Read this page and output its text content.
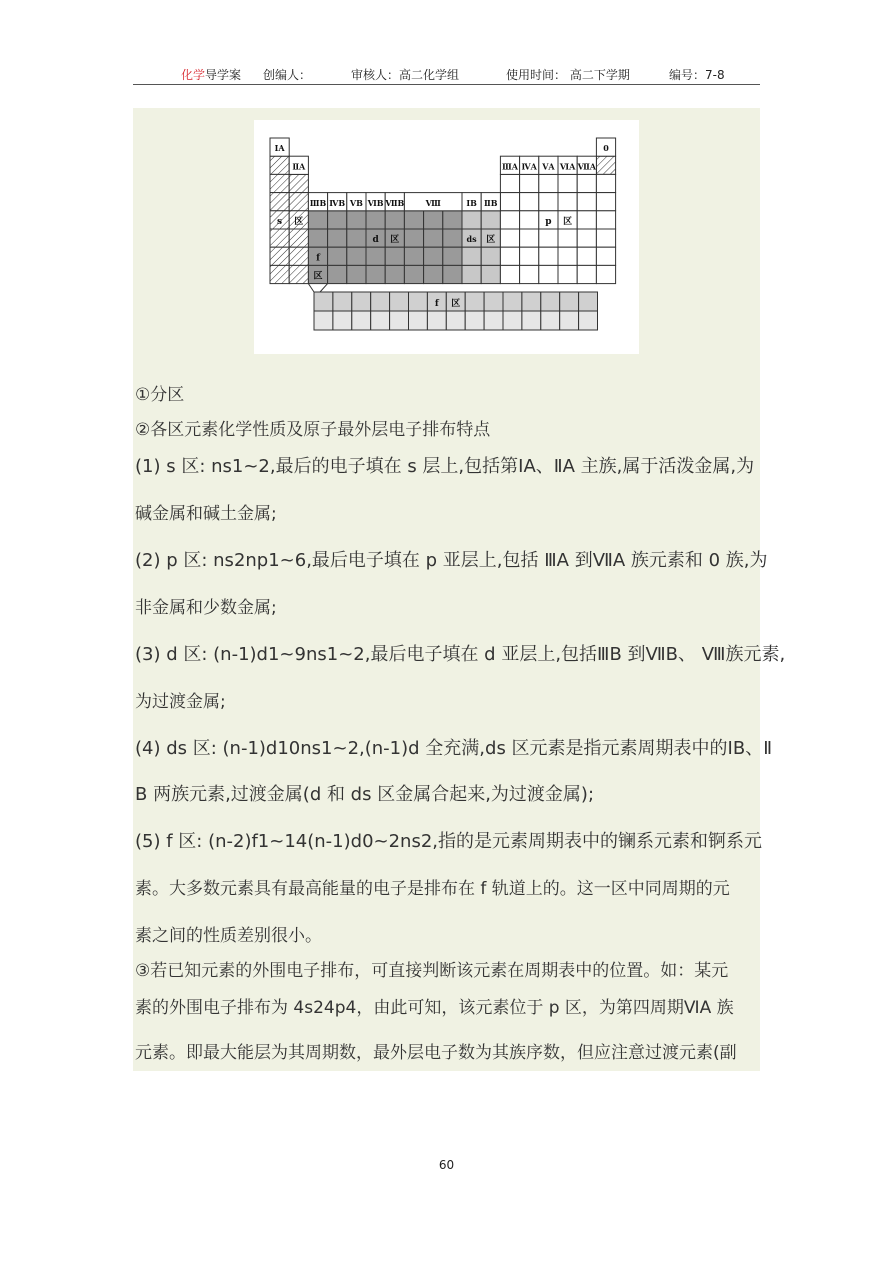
化学导学案 创编人：	审核人：高二化学组	使用时间： 高二下学期	编号：7-8
ⅠA
ⅡA
ⅢB ⅣB ⅤB ⅥB ⅦB	ⅠB ⅡB
ⅢA ⅣA ⅤA ⅥA ⅦA
0
Ⅷ
s 区
d 区	ds 区
p 区
f
区
f 区
①分区
②各区元素化学性质及原子最外层电子排布特点
(1) s 区: ns1~2,最后的电子填在 s 层上,包括第ⅠA、ⅡA 主族,属于活泼金属,为
碱金属和碱土金属;
(2) p 区: ns2np1~6,最后电子填在 p 亚层上,包括 ⅢA 到ⅦA 族元素和 0 族,为
非金属和少数金属;
(3) d 区: (n-1)d1~9ns1~2,最后电子填在 d 亚层上,包括ⅢB 到ⅦB、 Ⅷ族元素,
为过渡金属;
(4) ds 区: (n-1)d10ns1~2,(n-1)d 全充满,ds 区元素是指元素周期表中的ⅠB、Ⅱ
B 两族元素,过渡金属(d 和 ds 区金属合起来,为过渡金属);
(5) f 区: (n-2)f1~14(n-1)d0~2ns2,指的是元素周期表中的镧系元素和锕系元
素。大多数元素具有最高能量的电子是排布在 f 轨道上的。这一区中同周期的元
素之间的性质差别很小。
③若已知元素的外围电子排布，可直接判断该元素在周期表中的位置。如：某元
素的外围电子排布为 4s24p4，由此可知，该元素位于 p 区，为第四周期ⅥA 族
元素。即最大能层为其周期数，最外层电子数为其族序数，但应注意过渡元素(副
60
